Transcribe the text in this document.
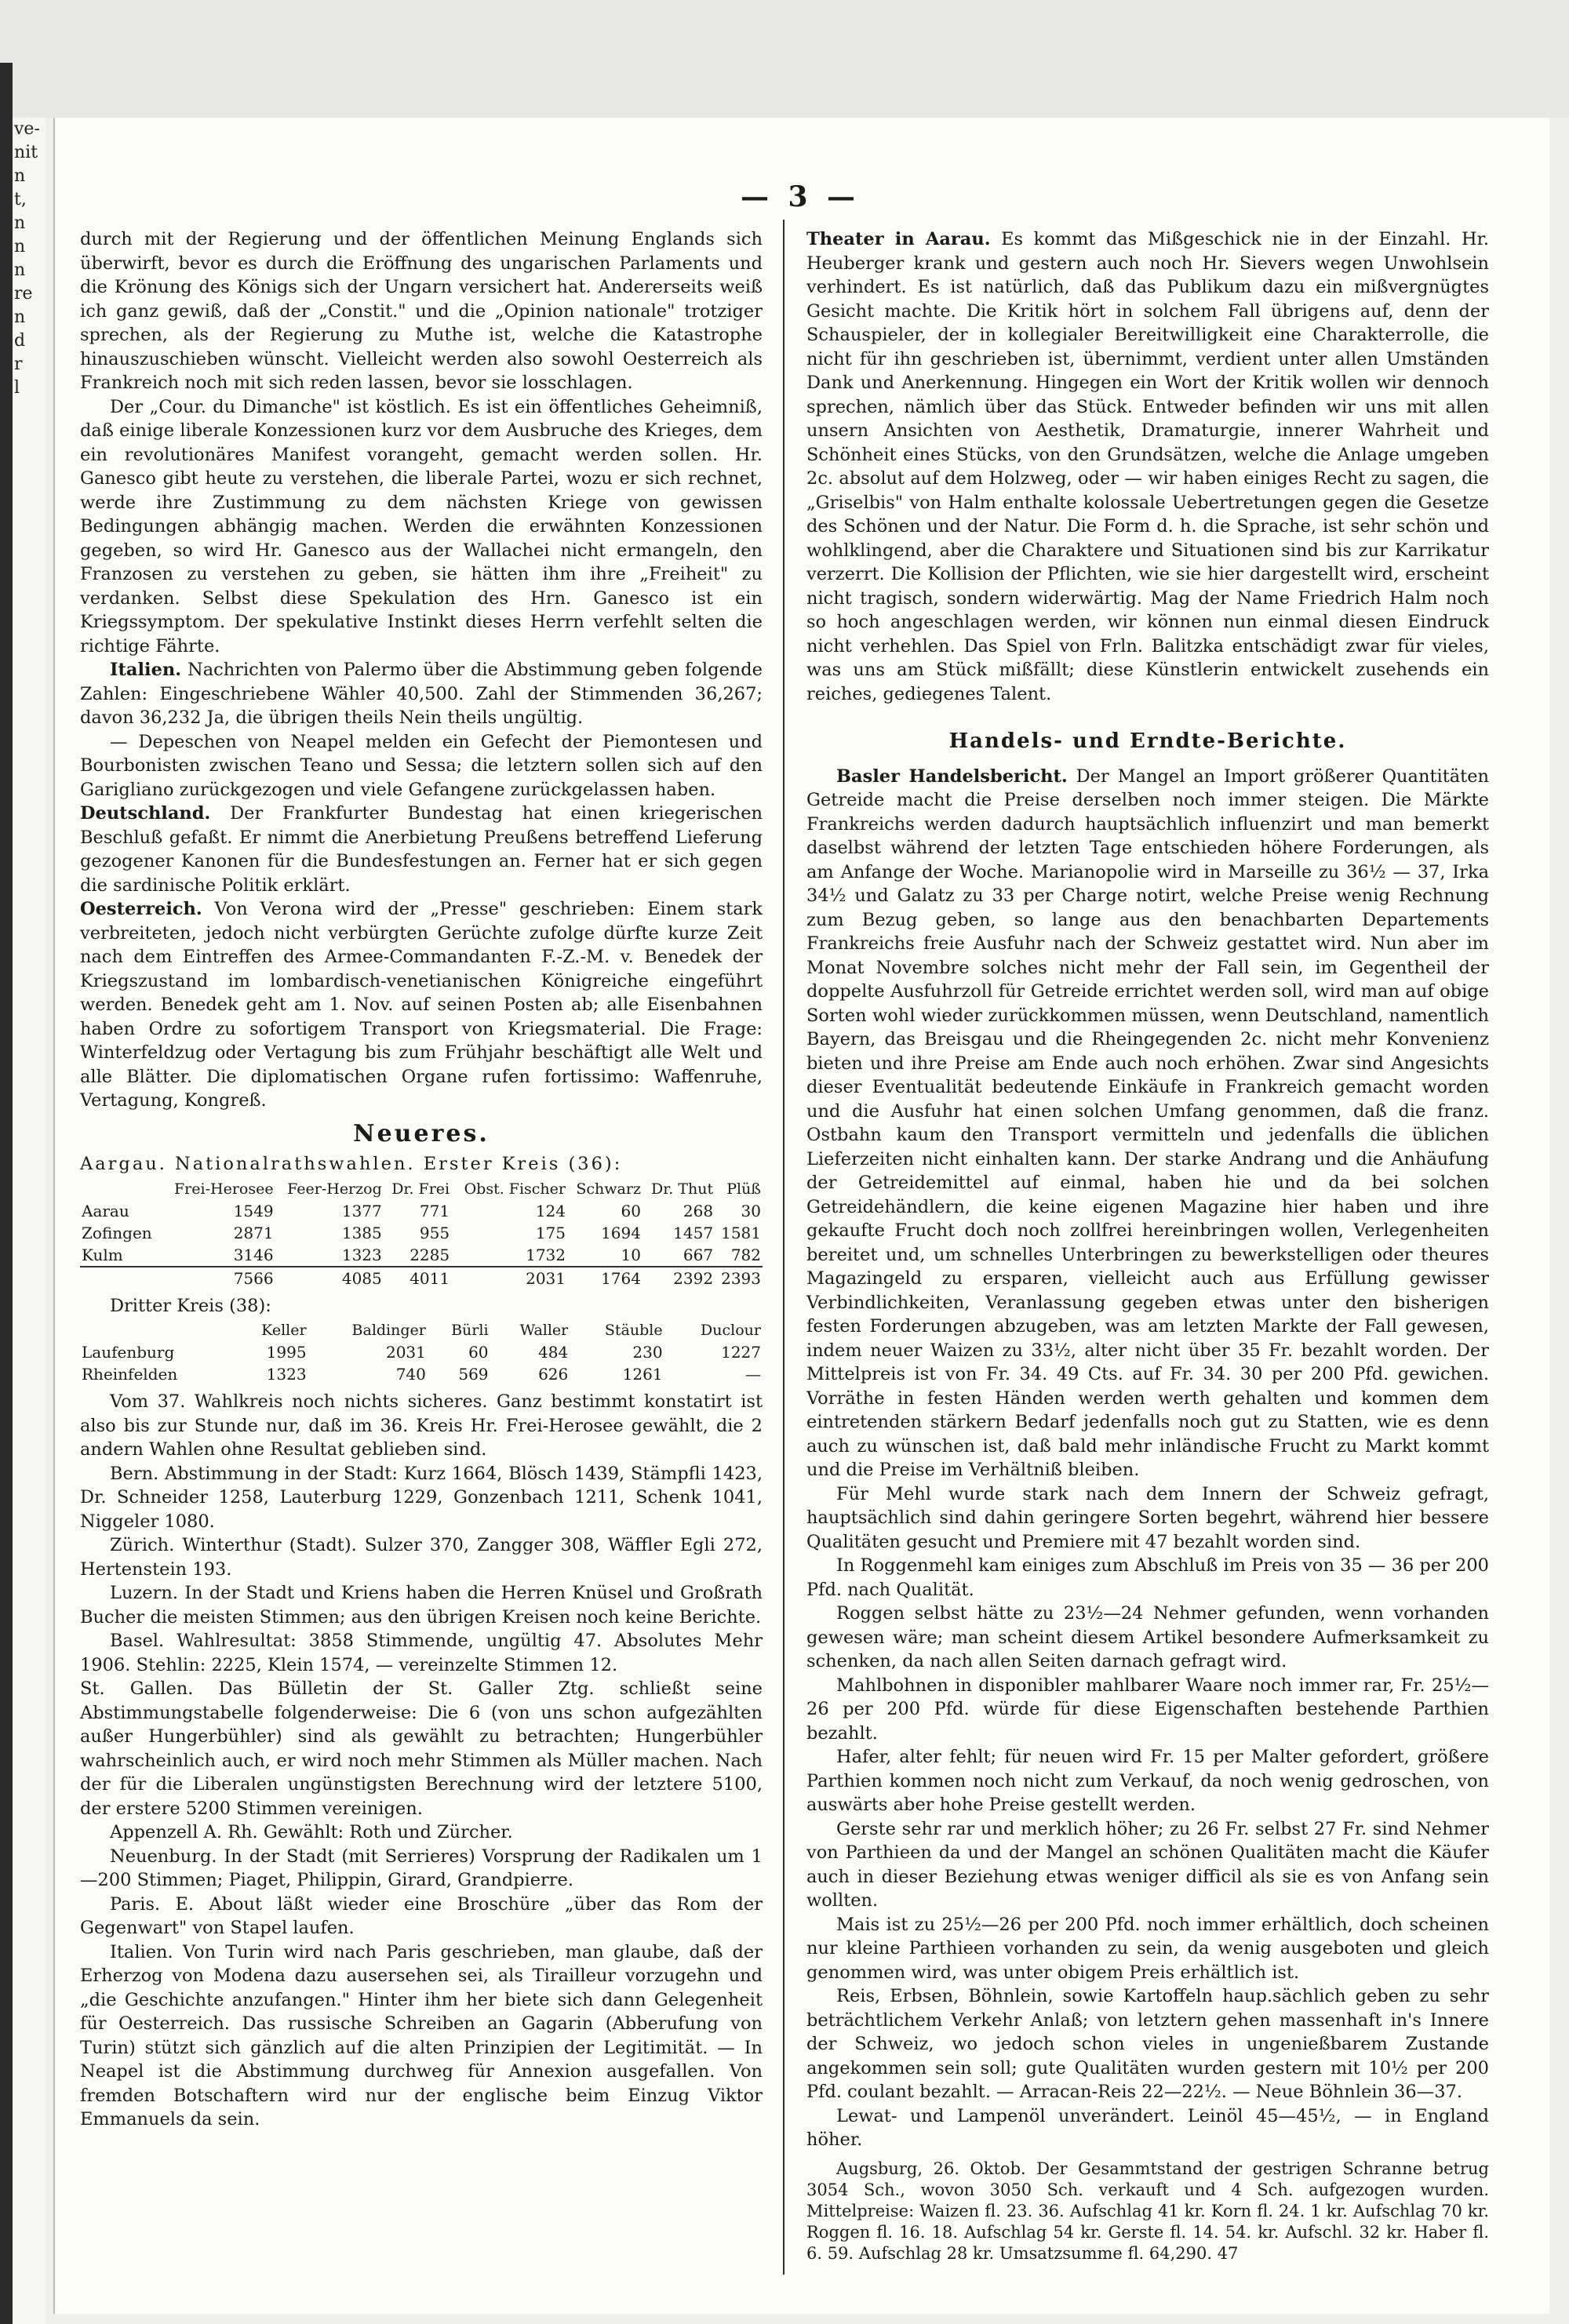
ve-
nit
n
t,
n
n
n
re
n
d
r
l
— 3 —

durch mit der Regierung und der öffentlichen Meinung Englands sich überwirft, bevor es durch die Eröffnung des ungarischen Parlaments und die Krönung des Königs sich der Ungarn versichert hat. Andererseits weiß ich ganz gewiß, daß der „Constit." und die „Opinion nationale" trotziger sprechen, als der Regierung zu Muthe ist, welche die Katastrophe hinauszuschieben wünscht. Vielleicht werden also sowohl Oesterreich als Frankreich noch mit sich reden lassen, bevor sie losschlagen.

Der „Cour. du Dimanche" ist köstlich. Es ist ein öffentliches Geheimniß, daß einige liberale Konzessionen kurz vor dem Ausbruche des Krieges, dem ein revolutionäres Manifest vorangeht, gemacht werden sollen. Hr. Ganesco gibt heute zu verstehen, die liberale Partei, wozu er sich rechnet, werde ihre Zustimmung zu dem nächsten Kriege von gewissen Bedingungen abhängig machen. Werden die erwähnten Konzessionen gegeben, so wird Hr. Ganesco aus der Wallachei nicht ermangeln, den Franzosen zu verstehen zu geben, sie hätten ihm ihre „Freiheit" zu verdanken. Selbst diese Spekulation des Hrn. Ganesco ist ein Kriegssymptom. Der spekulative Instinkt dieses Herrn verfehlt selten die richtige Fährte.

Italien. Nachrichten von Palermo über die Abstimmung geben folgende Zahlen: Eingeschriebene Wähler 40,500. Zahl der Stimmenden 36,267; davon 36,232 Ja, die übrigen theils Nein theils ungültig.

— Depeschen von Neapel melden ein Gefecht der Piemontesen und Bourbonisten zwischen Teano und Sessa; die letztern sollen sich auf den Garigliano zurückgezogen und viele Gefangene zurückgelassen haben.

Deutschland. Der Frankfurter Bundestag hat einen kriegerischen Beschluß gefaßt. Er nimmt die Anerbietung Preußens betreffend Lieferung gezogener Kanonen für die Bundesfestungen an. Ferner hat er sich gegen die sardinische Politik erklärt.

Oesterreich. Von Verona wird der „Presse" geschrieben: Einem stark verbreiteten, jedoch nicht verbürgten Gerüchte zufolge dürfte kurze Zeit nach dem Eintreffen des Armee-Commandanten F.-Z.-M. v. Benedek der Kriegszustand im lombardisch-venetianischen Königreiche eingeführt werden. Benedek geht am 1. Nov. auf seinen Posten ab; alle Eisenbahnen haben Ordre zu sofortigem Transport von Kriegsmaterial. Die Frage: Winterfeldzug oder Vertagung bis zum Frühjahr beschäftigt alle Welt und alle Blätter. Die diplomatischen Organe rufen fortissimo: Waffenruhe, Vertagung, Kongreß.

Neueres.

Aargau. Nationalrathswahlen. Erster Kreis (36):

	Frei-Herosee	Feer-Herzog	Dr. Frei	Obst. Fischer	Schwarz	Dr. Thut	Plüß
Aarau	1549	1377	771	124	60	268	30
Zofingen	2871	1385	955	175	1694	1457	1581
Kulm	3146	1323	2285	1732	10	667	782
	7566	4085	4011	2031	1764	2392	2393

Dritter Kreis (38):

	Keller	Baldinger	Bürli	Waller	Stäuble	Duclour
Laufenburg	1995	2031	60	484	230	1227
Rheinfelden	1323	740	569	626	1261	—

Vom 37. Wahlkreis noch nichts sicheres. Ganz bestimmt konstatirt ist also bis zur Stunde nur, daß im 36. Kreis Hr. Frei-Herosee gewählt, die 2 andern Wahlen ohne Resultat geblieben sind.

Bern. Abstimmung in der Stadt: Kurz 1664, Blösch 1439, Stämpfli 1423, Dr. Schneider 1258, Lauterburg 1229, Gonzenbach 1211, Schenk 1041, Niggeler 1080.

Zürich. Winterthur (Stadt). Sulzer 370, Zangger 308, Wäffler Egli 272, Hertenstein 193.

Luzern. In der Stadt und Kriens haben die Herren Knüsel und Großrath Bucher die meisten Stimmen; aus den übrigen Kreisen noch keine Berichte.

Basel. Wahlresultat: 3858 Stimmende, ungültig 47. Absolutes Mehr 1906. Stehlin: 2225, Klein 1574, — vereinzelte Stimmen 12.

St. Gallen. Das Bülletin der St. Galler Ztg. schließt seine Abstimmungstabelle folgenderweise: Die 6 (von uns schon aufgezählten außer Hungerbühler) sind als gewählt zu betrachten; Hungerbühler wahrscheinlich auch, er wird noch mehr Stimmen als Müller machen. Nach der für die Liberalen ungünstigsten Berechnung wird der letztere 5100, der erstere 5200 Stimmen vereinigen.

Appenzell A. Rh. Gewählt: Roth und Zürcher.

Neuenburg. In der Stadt (mit Serrieres) Vorsprung der Radikalen um 1—200 Stimmen; Piaget, Philippin, Girard, Grandpierre.

Paris. E. About läßt wieder eine Broschüre „über das Rom der Gegenwart" von Stapel laufen.

Italien. Von Turin wird nach Paris geschrieben, man glaube, daß der Erherzog von Modena dazu ausersehen sei, als Tirailleur vorzugehn und „die Geschichte anzufangen." Hinter ihm her biete sich dann Gelegenheit für Oesterreich. Das russische Schreiben an Gagarin (Abberufung von Turin) stützt sich gänzlich auf die alten Prinzipien der Legitimität. — In Neapel ist die Abstimmung durchweg für Annexion ausgefallen. Von fremden Botschaftern wird nur der englische beim Einzug Viktor Emmanuels da sein.

Theater in Aarau. Es kommt das Mißgeschick nie in der Einzahl. Hr. Heuberger krank und gestern auch noch Hr. Sievers wegen Unwohlsein verhindert. Es ist natürlich, daß das Publikum dazu ein mißvergnügtes Gesicht machte. Die Kritik hört in solchem Fall übrigens auf, denn der Schauspieler, der in kollegialer Bereitwilligkeit eine Charakterrolle, die nicht für ihn geschrieben ist, übernimmt, verdient unter allen Umständen Dank und Anerkennung. Hingegen ein Wort der Kritik wollen wir dennoch sprechen, nämlich über das Stück. Entweder befinden wir uns mit allen unsern Ansichten von Aesthetik, Dramaturgie, innerer Wahrheit und Schönheit eines Stücks, von den Grundsätzen, welche die Anlage umgeben 2c. absolut auf dem Holzweg, oder — wir haben einiges Recht zu sagen, die „Griselbis" von Halm enthalte kolossale Uebertretungen gegen die Gesetze des Schönen und der Natur. Die Form d. h. die Sprache, ist sehr schön und wohlklingend, aber die Charaktere und Situationen sind bis zur Karrikatur verzerrt. Die Kollision der Pflichten, wie sie hier dargestellt wird, erscheint nicht tragisch, sondern widerwärtig. Mag der Name Friedrich Halm noch so hoch angeschlagen werden, wir können nun einmal diesen Eindruck nicht verhehlen. Das Spiel von Frln. Balitzka entschädigt zwar für vieles, was uns am Stück mißfällt; diese Künstlerin entwickelt zusehends ein reiches, gediegenes Talent.

Handels- und Erndte-Berichte.

Basler Handelsbericht. Der Mangel an Import größerer Quantitäten Getreide macht die Preise derselben noch immer steigen. Die Märkte Frankreichs werden dadurch hauptsächlich influenzirt und man bemerkt daselbst während der letzten Tage entschieden höhere Forderungen, als am Anfange der Woche. Marianopolie wird in Marseille zu 36½ — 37, Irka 34½ und Galatz zu 33 per Charge notirt, welche Preise wenig Rechnung zum Bezug geben, so lange aus den benachbarten Departements Frankreichs freie Ausfuhr nach der Schweiz gestattet wird. Nun aber im Monat Novembre solches nicht mehr der Fall sein, im Gegentheil der doppelte Ausfuhrzoll für Getreide errichtet werden soll, wird man auf obige Sorten wohl wieder zurückkommen müssen, wenn Deutschland, namentlich Bayern, das Breisgau und die Rheingegenden 2c. nicht mehr Konvenienz bieten und ihre Preise am Ende auch noch erhöhen. Zwar sind Angesichts dieser Eventualität bedeutende Einkäufe in Frankreich gemacht worden und die Ausfuhr hat einen solchen Umfang genommen, daß die franz. Ostbahn kaum den Transport vermitteln und jedenfalls die üblichen Lieferzeiten nicht einhalten kann. Der starke Andrang und die Anhäufung der Getreidemittel auf einmal, haben hie und da bei solchen Getreidehändlern, die keine eigenen Magazine hier haben und ihre gekaufte Frucht doch noch zollfrei hereinbringen wollen, Verlegenheiten bereitet und, um schnelles Unterbringen zu bewerkstelligen oder theures Magazingeld zu ersparen, vielleicht auch aus Erfüllung gewisser Verbindlichkeiten, Veranlassung gegeben etwas unter den bisherigen festen Forderungen abzugeben, was am letzten Markte der Fall gewesen, indem neuer Waizen zu 33½, alter nicht über 35 Fr. bezahlt worden. Der Mittelpreis ist von Fr. 34. 49 Cts. auf Fr. 34. 30 per 200 Pfd. gewichen. Vorräthe in festen Händen werden werth gehalten und kommen dem eintretenden stärkern Bedarf jedenfalls noch gut zu Statten, wie es denn auch zu wünschen ist, daß bald mehr inländische Frucht zu Markt kommt und die Preise im Verhältniß bleiben.

Für Mehl wurde stark nach dem Innern der Schweiz gefragt, hauptsächlich sind dahin geringere Sorten begehrt, während hier bessere Qualitäten gesucht und Premiere mit 47 bezahlt worden sind.

In Roggenmehl kam einiges zum Abschluß im Preis von 35 — 36 per 200 Pfd. nach Qualität.

Roggen selbst hätte zu 23½—24 Nehmer gefunden, wenn vorhanden gewesen wäre; man scheint diesem Artikel besondere Aufmerksamkeit zu schenken, da nach allen Seiten darnach gefragt wird.

Mahlbohnen in disponibler mahlbarer Waare noch immer rar, Fr. 25½—26 per 200 Pfd. würde für diese Eigenschaften bestehende Parthien bezahlt.

Hafer, alter fehlt; für neuen wird Fr. 15 per Malter gefordert, größere Parthien kommen noch nicht zum Verkauf, da noch wenig gedroschen, von auswärts aber hohe Preise gestellt werden.

Gerste sehr rar und merklich höher; zu 26 Fr. selbst 27 Fr. sind Nehmer von Parthieen da und der Mangel an schönen Qualitäten macht die Käufer auch in dieser Beziehung etwas weniger difficil als sie es von Anfang sein wollten.

Mais ist zu 25½—26 per 200 Pfd. noch immer erhältlich, doch scheinen nur kleine Parthieen vorhanden zu sein, da wenig ausgeboten und gleich genommen wird, was unter obigem Preis erhältlich ist.

Reis, Erbsen, Böhnlein, sowie Kartoffeln haup.sächlich geben zu sehr beträchtlichem Verkehr Anlaß; von letztern gehen massenhaft in's Innere der Schweiz, wo jedoch schon vieles in ungenießbarem Zustande angekommen sein soll; gute Qualitäten wurden gestern mit 10½ per 200 Pfd. coulant bezahlt. — Arracan-Reis 22—22½. — Neue Böhnlein 36—37.

Lewat- und Lampenöl unverändert. Leinöl 45—45½, — in England höher.

Augsburg, 26. Oktob. Der Gesammtstand der gestrigen Schranne betrug 3054 Sch., wovon 3050 Sch. verkauft und 4 Sch. aufgezogen wurden. Mittelpreise: Waizen fl. 23. 36. Aufschlag 41 kr. Korn fl. 24. 1 kr. Aufschlag 70 kr. Roggen fl. 16. 18. Aufschlag 54 kr. Gerste fl. 14. 54. kr. Aufschl. 32 kr. Haber fl. 6. 59. Aufschlag 28 kr. Umsatzsumme fl. 64,290. 47
